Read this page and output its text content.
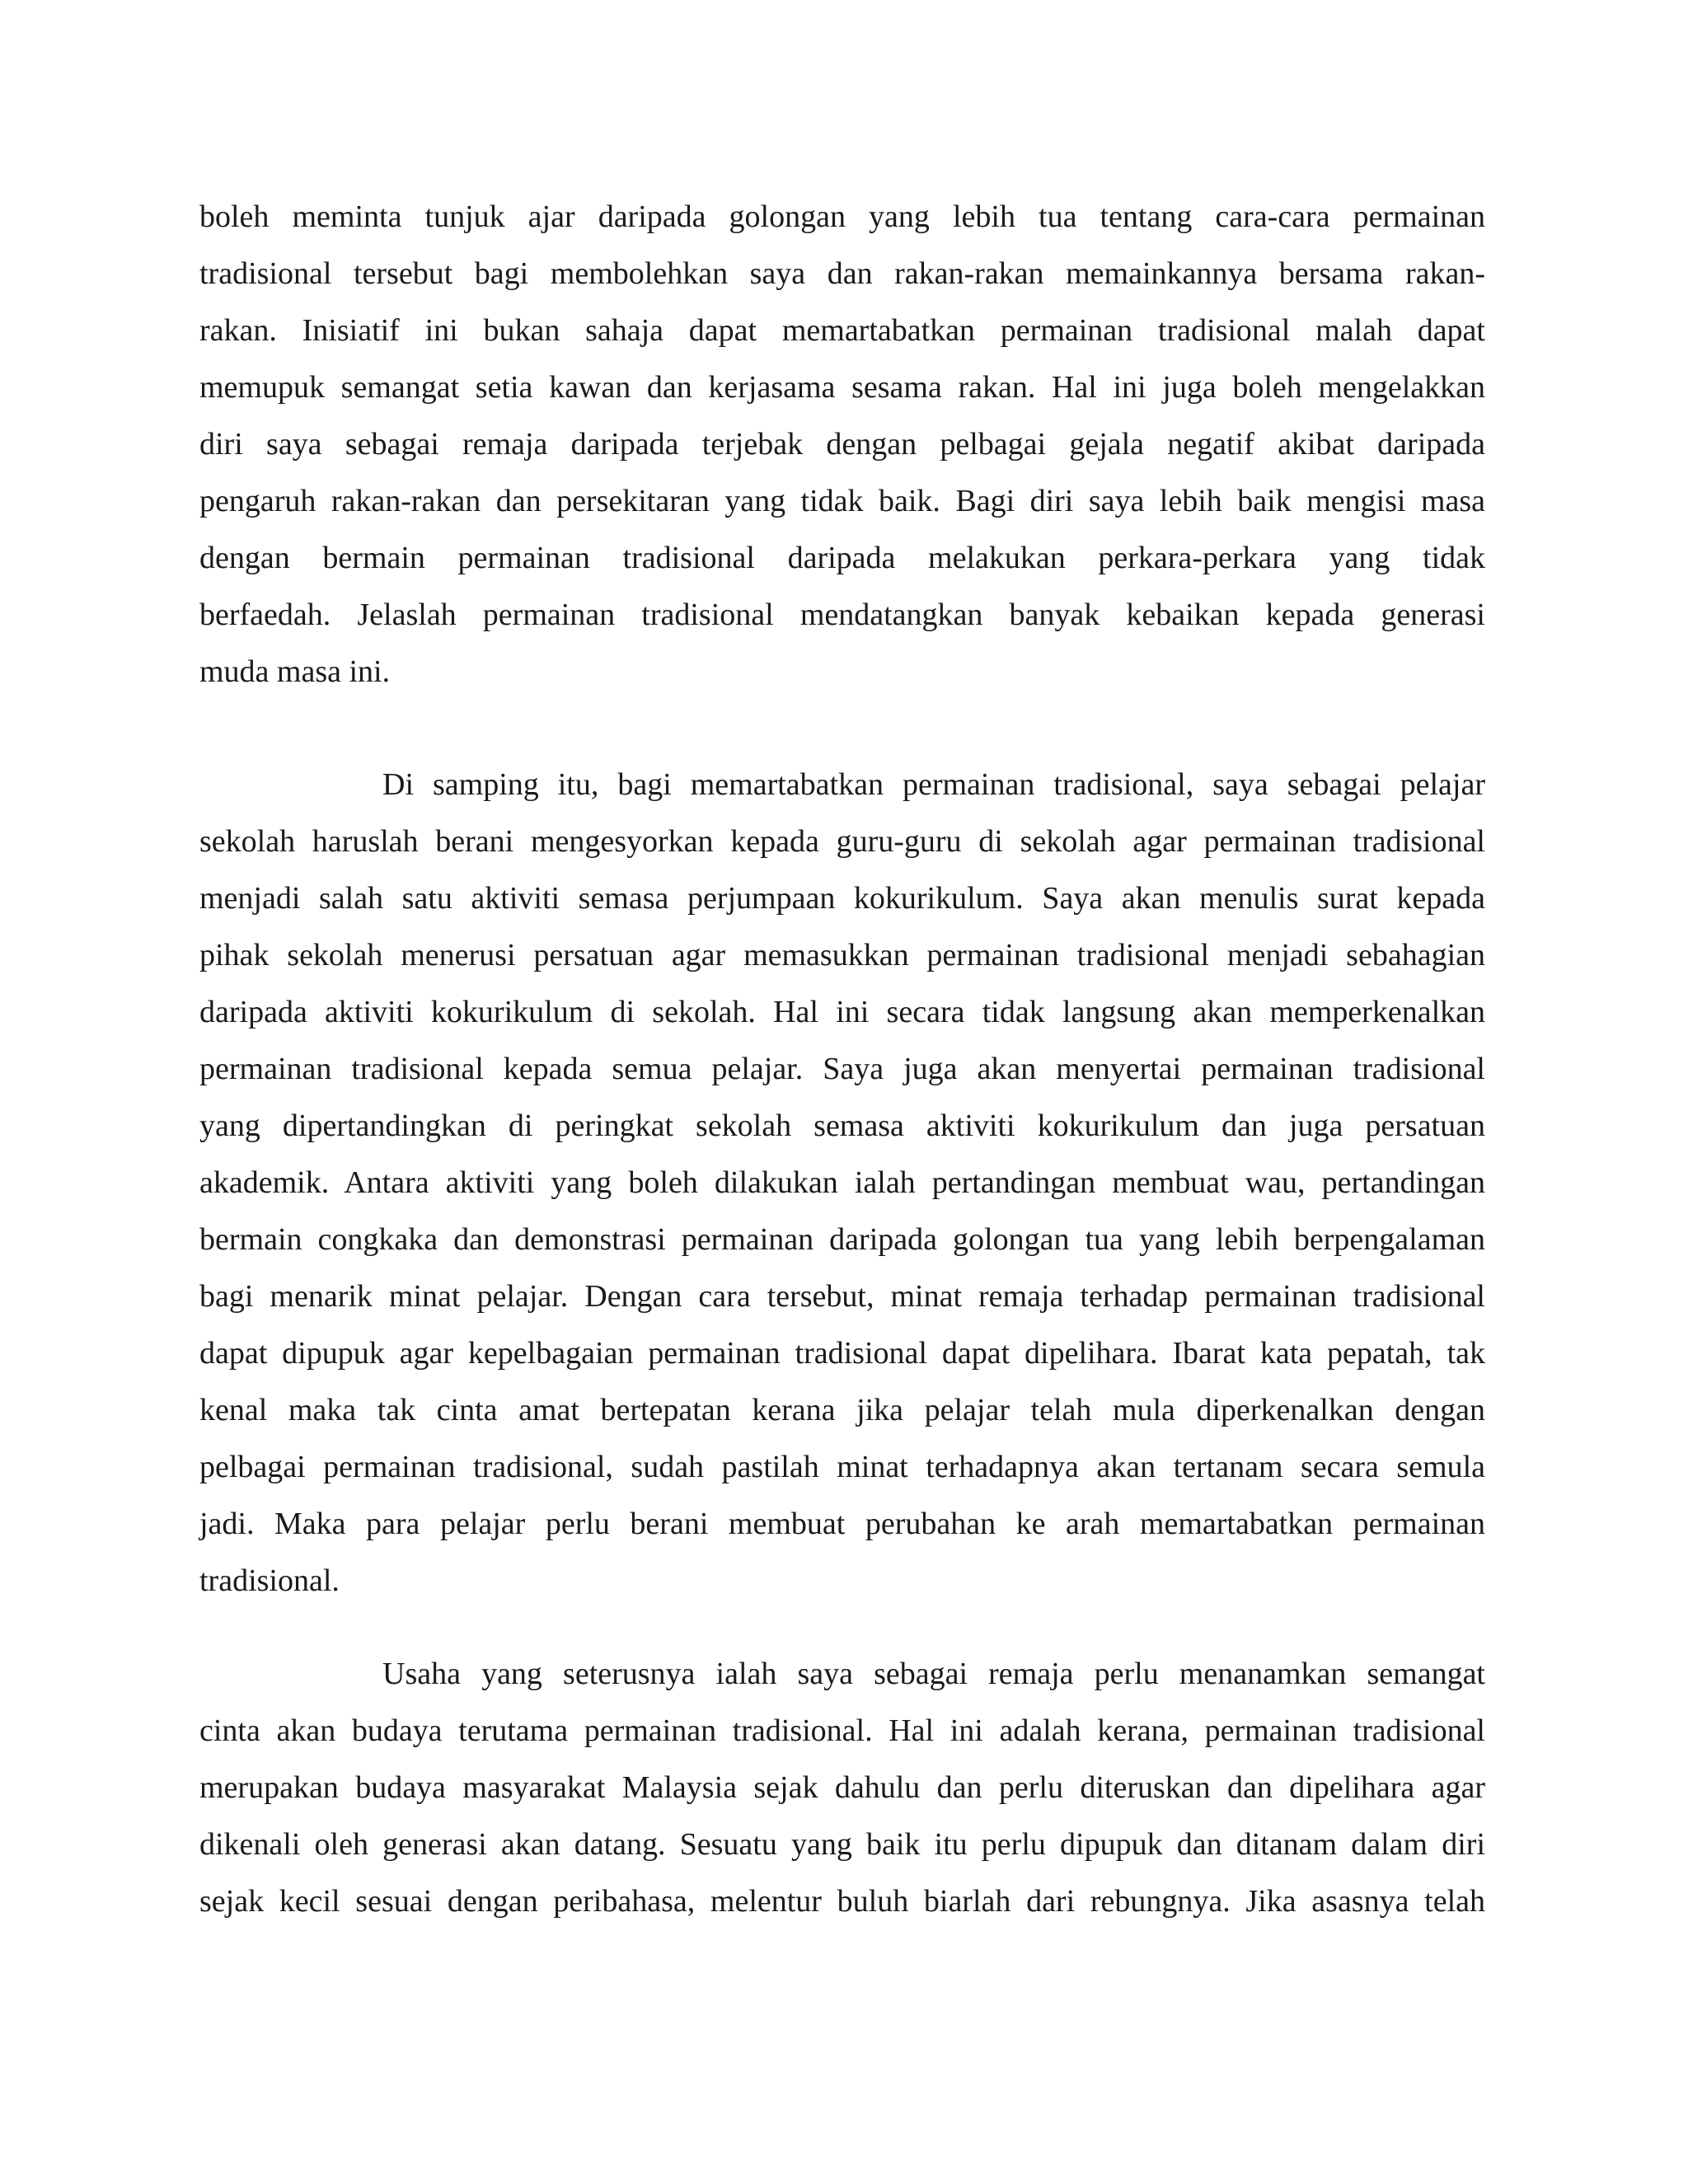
boleh meminta tunjuk ajar daripada golongan yang lebih tua tentang cara-cara permainan
tradisional tersebut bagi membolehkan saya dan rakan-rakan memainkannya bersama rakan-
rakan. Inisiatif ini bukan sahaja dapat memartabatkan permainan tradisional malah dapat
memupuk semangat setia kawan dan kerjasama sesama rakan. Hal ini juga boleh mengelakkan
diri saya sebagai remaja daripada terjebak dengan pelbagai gejala negatif akibat daripada
pengaruh rakan-rakan dan persekitaran yang tidak baik. Bagi diri saya lebih baik mengisi masa
dengan bermain permainan tradisional daripada melakukan perkara-perkara yang tidak
berfaedah. Jelaslah permainan tradisional mendatangkan banyak kebaikan kepada generasi
muda masa ini.
Di samping itu, bagi memartabatkan permainan tradisional, saya sebagai pelajar
sekolah haruslah berani mengesyorkan kepada guru-guru di sekolah agar permainan tradisional
menjadi salah satu aktiviti semasa perjumpaan kokurikulum. Saya akan menulis surat kepada
pihak sekolah menerusi persatuan agar memasukkan permainan tradisional menjadi sebahagian
daripada aktiviti kokurikulum di sekolah. Hal ini secara tidak langsung akan memperkenalkan
permainan tradisional kepada semua pelajar. Saya juga akan menyertai permainan tradisional
yang dipertandingkan di peringkat sekolah semasa aktiviti kokurikulum dan juga persatuan
akademik. Antara aktiviti yang boleh dilakukan ialah pertandingan membuat wau, pertandingan
bermain congkaka dan demonstrasi permainan daripada golongan tua yang lebih berpengalaman
bagi menarik minat pelajar. Dengan cara tersebut, minat remaja terhadap permainan tradisional
dapat dipupuk agar kepelbagaian permainan tradisional dapat dipelihara. Ibarat kata pepatah, tak
kenal maka tak cinta amat bertepatan kerana jika pelajar telah mula diperkenalkan dengan
pelbagai permainan tradisional, sudah pastilah minat terhadapnya akan tertanam secara semula
jadi. Maka para pelajar perlu berani membuat perubahan ke arah memartabatkan permainan
tradisional.
Usaha yang seterusnya ialah saya sebagai remaja perlu menanamkan semangat
cinta akan budaya terutama permainan tradisional. Hal ini adalah kerana, permainan tradisional
merupakan budaya masyarakat Malaysia sejak dahulu dan perlu diteruskan dan dipelihara agar
dikenali oleh generasi akan datang. Sesuatu yang baik itu perlu dipupuk dan ditanam dalam diri
sejak kecil sesuai dengan peribahasa, melentur buluh biarlah dari rebungnya. Jika asasnya telah
